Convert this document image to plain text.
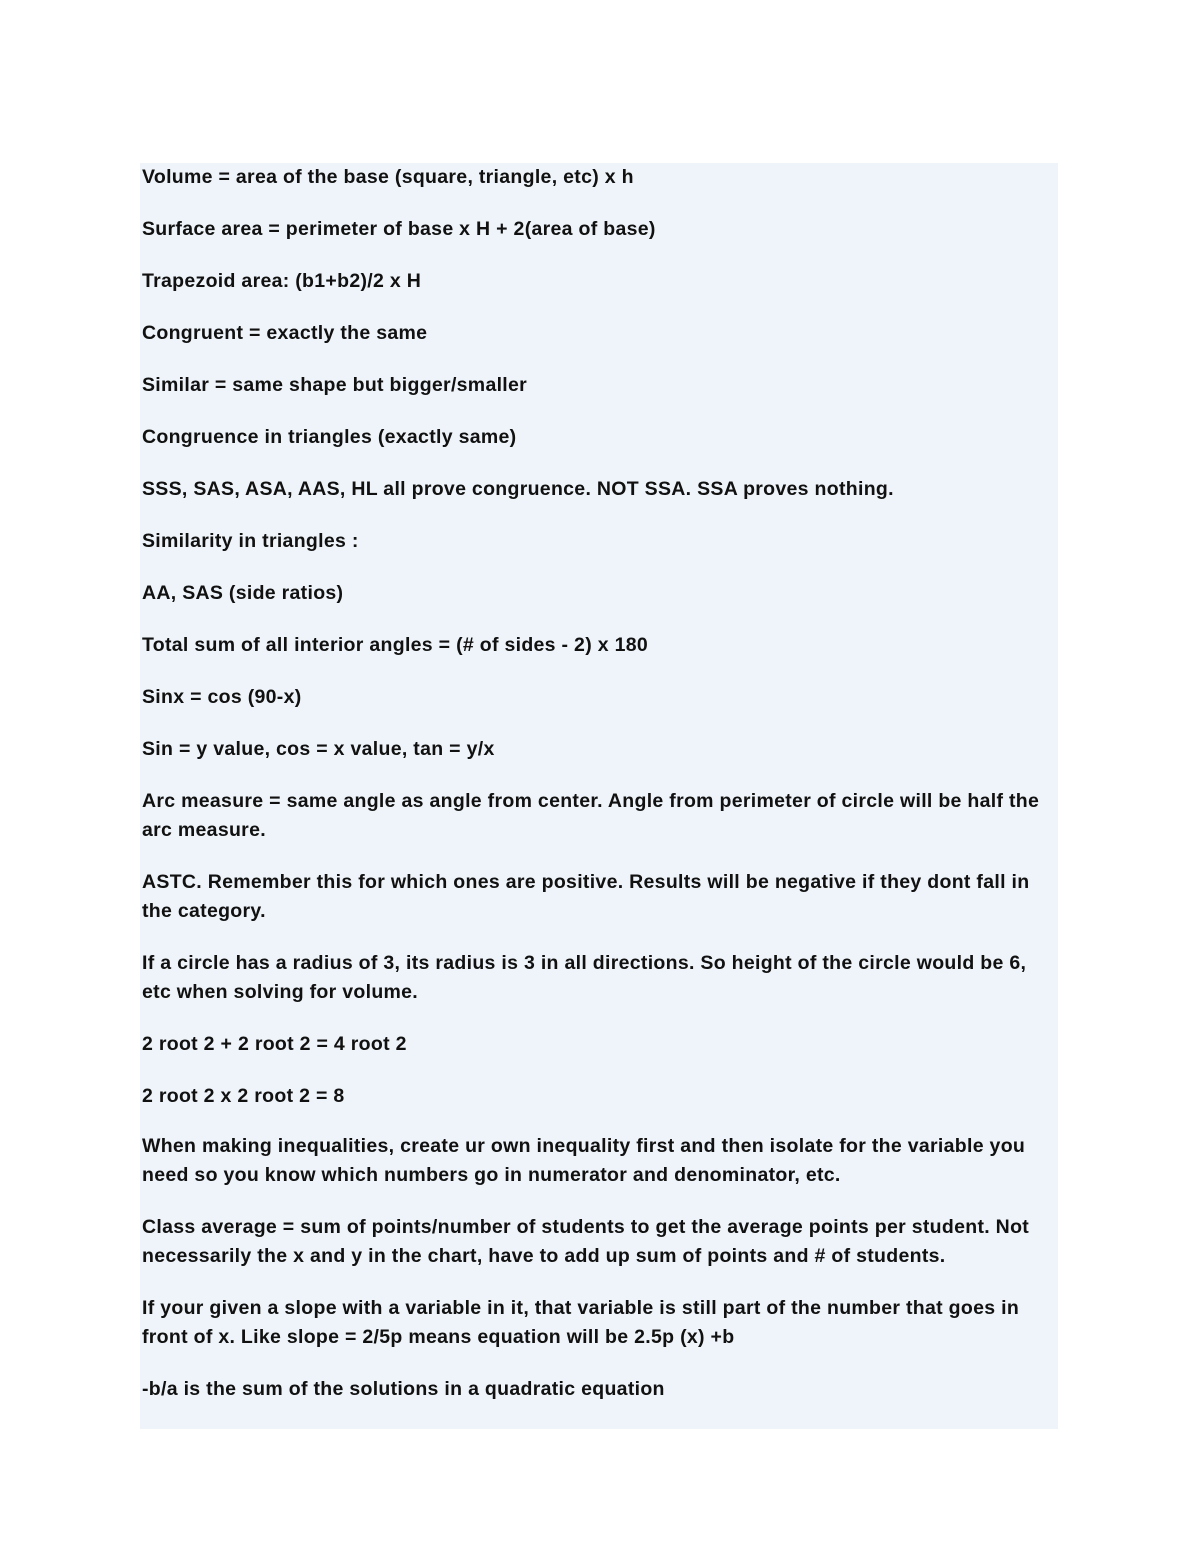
Volume = area of the base (square, triangle, etc) x h

Surface area = perimeter of base x H + 2(area of base)

Trapezoid area: (b1+b2)/2 x H

Congruent = exactly the same

Similar = same shape but bigger/smaller

Congruence in triangles (exactly same)

SSS, SAS, ASA, AAS, HL all prove congruence. NOT SSA. SSA proves nothing.

Similarity in triangles :

AA, SAS (side ratios)

Total sum of all interior angles = (# of sides - 2) x 180

Sinx = cos (90-x)

Sin = y value, cos = x value, tan = y/x

Arc measure = same angle as angle from center. Angle from perimeter of circle will be half the arc measure.

ASTC. Remember this for which ones are positive. Results will be negative if they dont fall in the category.

If a circle has a radius of 3, its radius is 3 in all directions. So height of the circle would be 6, etc when solving for volume.

2 root 2 + 2 root 2 = 4 root 2

2 root 2 x 2 root 2 = 8

When making inequalities, create ur own inequality first and then isolate for the variable you need so you know which numbers go in numerator and denominator, etc.

Class average = sum of points/number of students to get the average points per student. Not necessarily the x and y in the chart, have to add up sum of points and # of students.

If your given a slope with a variable in it, that variable is still part of the number that goes in front of x. Like slope = 2/5p means equation will be 2.5p (x) +b

-b/a is the sum of the solutions in a quadratic equation
